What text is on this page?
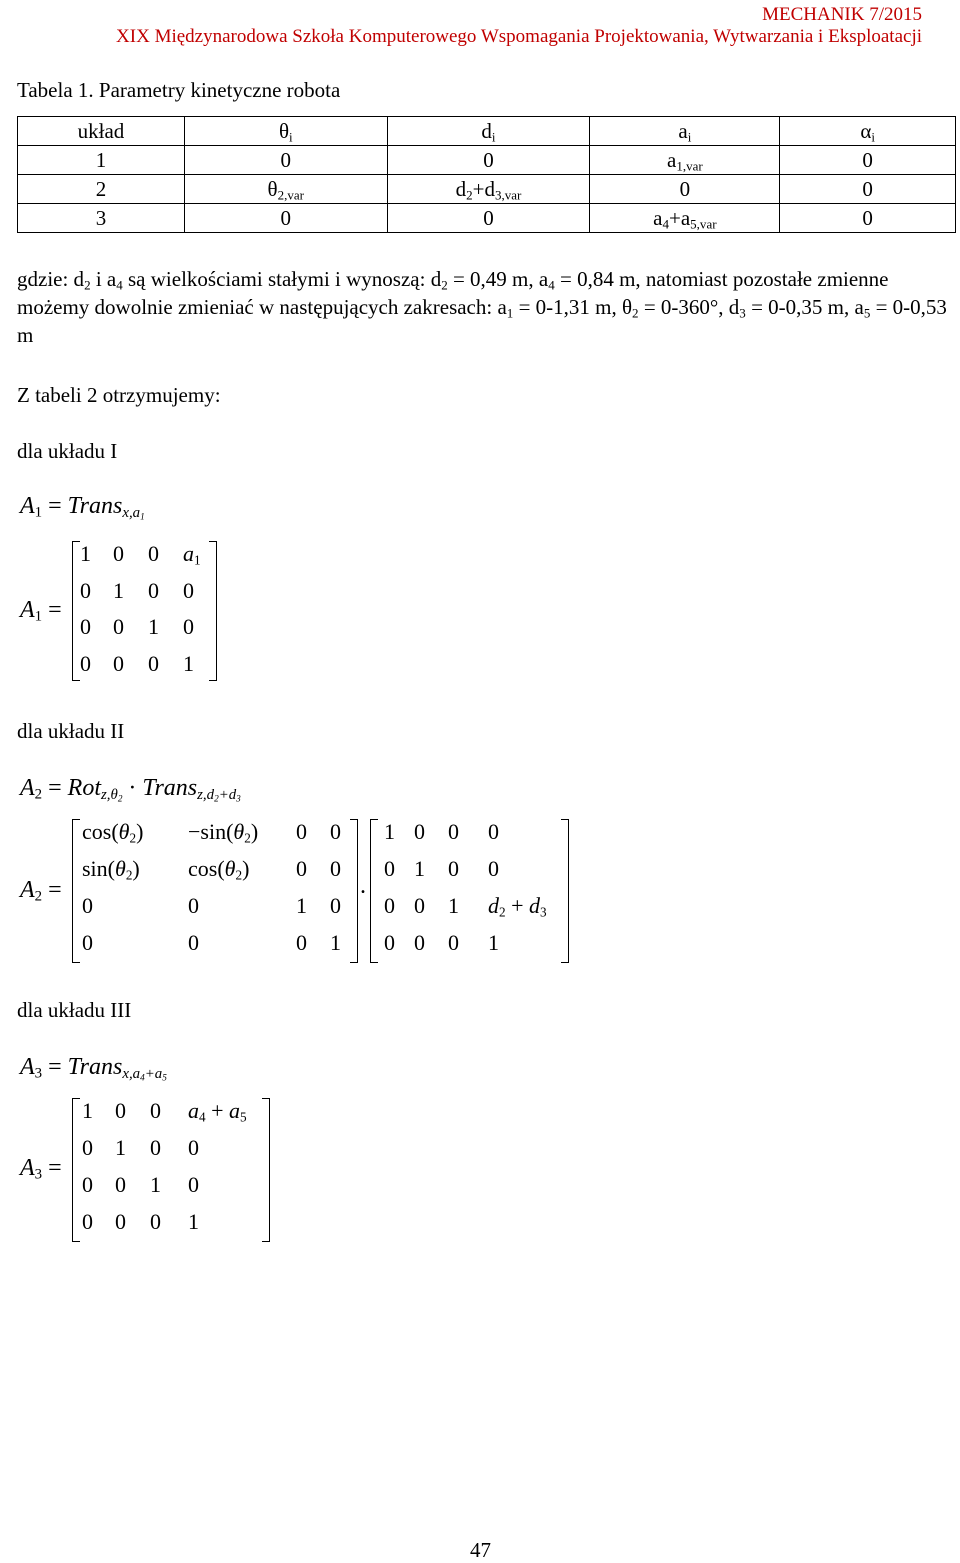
MECHANIK 7/2015
XIX Międzynarodowa Szkoła Komputerowego Wspomagania Projektowania, Wytwarzania i Eksploatacji
Tabela 1. Parametry kinetyczne robota
układ	$\theta_i$	$d_i$	$a_i$	$\alpha_i$
1	0	0	$a_{1,var}$	0
2	$\theta_{2,var}$	$d_2+d_{3,var}$	0	0
3	0	0	$a_4+a_{5,var}$	0
gdzie: $d_2$ i $a_4$ są wielkościami stałymi i wynoszą: $d_2 = 0,49$ m, $a_4 = 0,84$ m, natomiast pozostałe zmienne możemy dowolnie zmieniać w następujących zakresach: $a_1 = 0-1,31$ m, $\theta_2 = 0-360^\circ$, $d_3 = 0-0,35$ m, $a_5 = 0-0,53$ m
Z tabeli 2 otrzymujemy:
dla układu I
$A_1$ = Trans$_{x,a_1}$
$A_1$ =
1 0 0 $a_1$
0 1 0 0
0 0 1 0
0 0 0 1
dla układu II
$A_2 = Rot_{z,\theta_2}$ · Trans$_{z,d_2+d_3}$
$A_2$ =	.
$\cos(\theta_2) -\sin(\theta_2)$ 0 0
$\sin(\theta_2)$ $\cos(\theta_2)$ 0 0
0	0	1 0
0	0	0 1
1 0 0 0
0 1 0 0
0 0 1 $d_2 + d_3$
0 0 0 1
dla układu III
$A_3$ = Trans$_{x,a_4+a_5}$
$A_3$ =
1 0 0 $a_4 + a_5$
0 1 0 0
0 0 1 0
0 0 0 1
47
